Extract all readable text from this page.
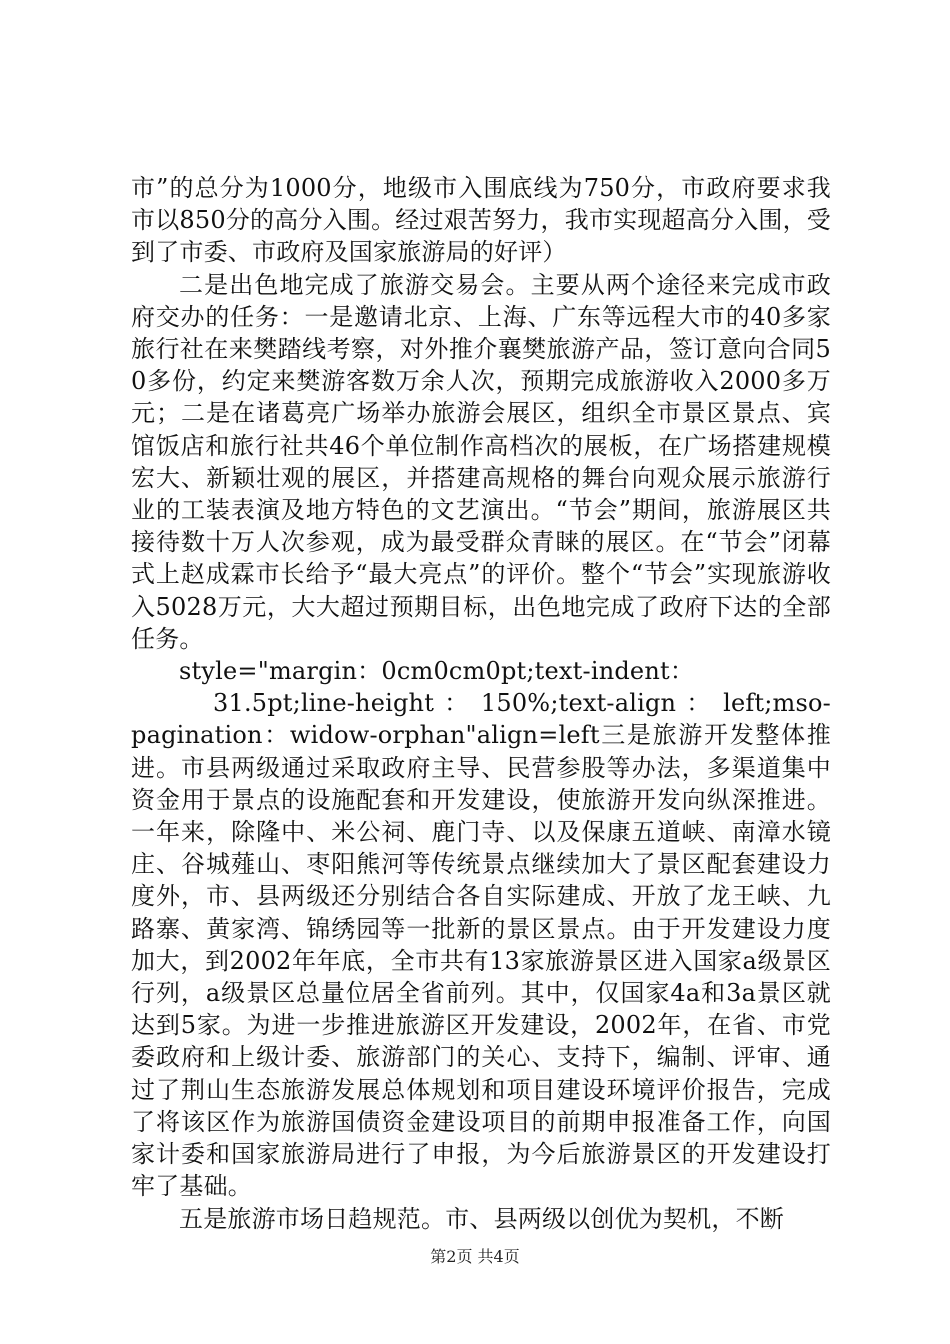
市”的总分为1000分，地级市入围底线为750分，市政府要求我市以850分的高分入围。经过艰苦努力，我市实现超高分入围，受到了市委、市政府及国家旅游局的好评）

二是出色地完成了旅游交易会。主要从两个途径来完成市政府交办的任务：一是邀请北京、上海、广东等远程大市的40多家旅行社在来樊踏线考察，对外推介襄樊旅游产品，签订意向合同50多份，约定来樊游客数万余人次，预期完成旅游收入2000多万元；二是在诸葛亮广场举办旅游会展区，组织全市景区景点、宾馆饭店和旅行社共46个单位制作高档次的展板，在广场搭建规模宏大、新颖壮观的展区，并搭建高规格的舞台向观众展示旅游行业的工装表演及地方特色的文艺演出。“节会”期间，旅游展区共接待数十万人次参观，成为最受群众青睐的展区。在“节会”闭幕式上赵成霖市长给予“最大亮点”的评价。整个“节会”实现旅游收入5028万元，大大超过预期目标，出色地完成了政府下达的全部任务。

style="margin：0cm0cm0pt;text-indent：

31.5pt;line-height ： 150%;text-align ： left;mso-pagination：widow-orphan"align=left三是旅游开发整体推进。市县两级通过采取政府主导、民营参股等办法，多渠道集中资金用于景点的设施配套和开发建设，使旅游开发向纵深推进。一年来，除隆中、米公祠、鹿门寺、以及保康五道峡、南漳水镜庄、谷城薤山、枣阳熊河等传统景点继续加大了景区配套建设力度外，市、县两级还分别结合各自实际建成、开放了龙王峡、九路寨、黄家湾、锦绣园等一批新的景区景点。由于开发建设力度加大，到2002年年底，全市共有13家旅游景区进入国家a级景区行列，a级景区总量位居全省前列。其中，仅国家4a和3a景区就达到5家。为进一步推进旅游区开发建设，2002年，在省、市党委政府和上级计委、旅游部门的关心、支持下，编制、评审、通过了荆山生态旅游发展总体规划和项目建设环境评价报告，完成了将该区作为旅游国债资金建设项目的前期申报准备工作，向国家计委和国家旅游局进行了申报，为今后旅游景区的开发建设打牢了基础。

五是旅游市场日趋规范。市、县两级以创优为契机，不断

第2页 共4页
